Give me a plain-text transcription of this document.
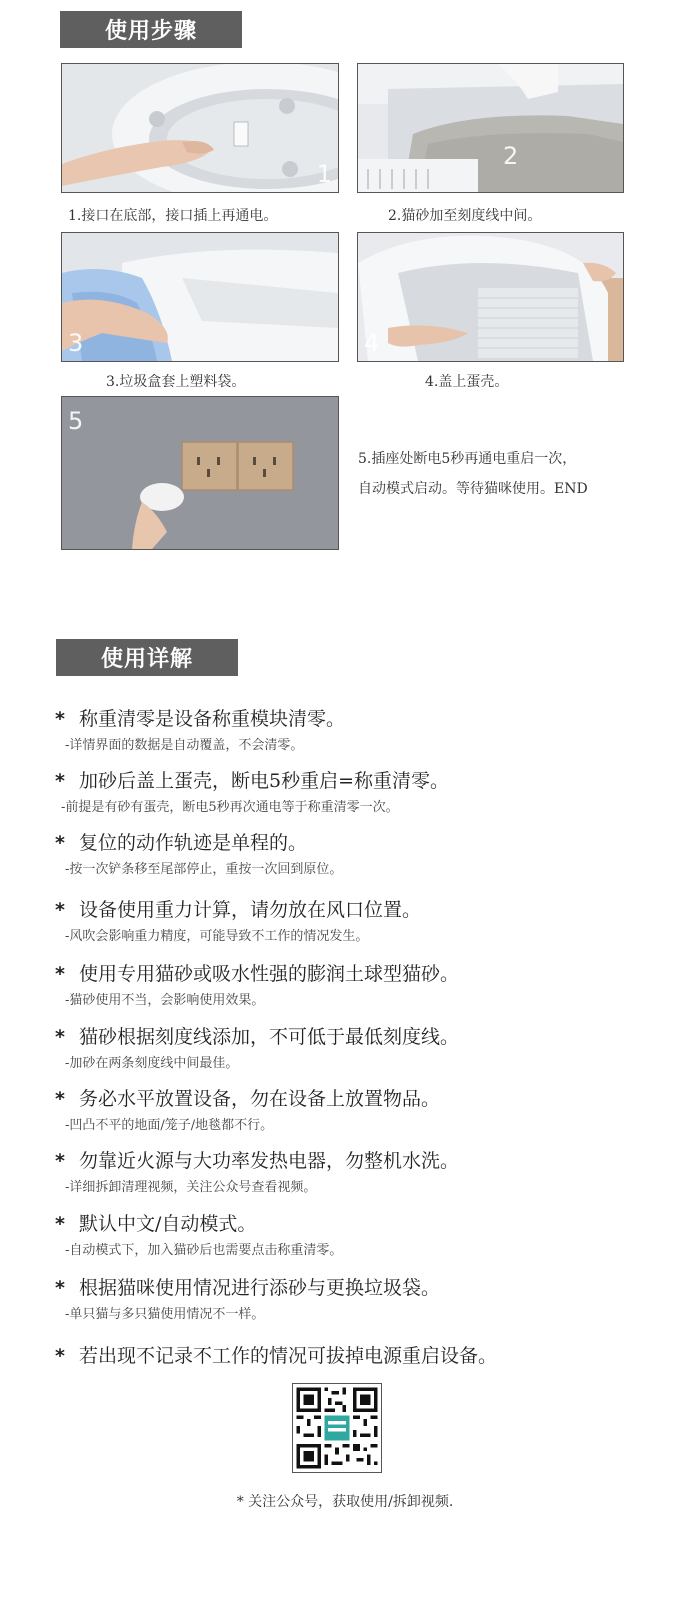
使用步骤
1
1.接口在底部，接口插上再通电。
2
2.猫砂加至刻度线中间。
3
3.垃圾盒套上塑料袋。
4
4.盖上蛋壳。
5
5.插座处断电5秒再通电重启一次，
自动模式启动。等待猫咪使用。END
使用详解
* 称重清零是设备称重模块清零。
-详情界面的数据是自动覆盖，不会清零。
* 加砂后盖上蛋壳，断电5秒重启=称重清零。
-前提是有砂有蛋壳，断电5秒再次通电等于称重清零一次。
* 复位的动作轨迹是单程的。
-按一次铲条移至尾部停止，重按一次回到原位。
* 设备使用重力计算，请勿放在风口位置。
-风吹会影响重力精度，可能导致不工作的情况发生。
* 使用专用猫砂或吸水性强的膨润土球型猫砂。
-猫砂使用不当，会影响使用效果。
* 猫砂根据刻度线添加，不可低于最低刻度线。
-加砂在两条刻度线中间最佳。
* 务必水平放置设备，勿在设备上放置物品。
-凹凸不平的地面/笼子/地毯都不行。
* 勿靠近火源与大功率发热电器，勿整机水洗。
-详细拆卸清理视频，关注公众号查看视频。
* 默认中文/自动模式。
-自动模式下，加入猫砂后也需要点击称重清零。
* 根据猫咪使用情况进行添砂与更换垃圾袋。
-单只猫与多只猫使用情况不一样。
* 若出现不记录不工作的情况可拔掉电源重启设备。
* 关注公众号，获取使用/拆卸视频.
